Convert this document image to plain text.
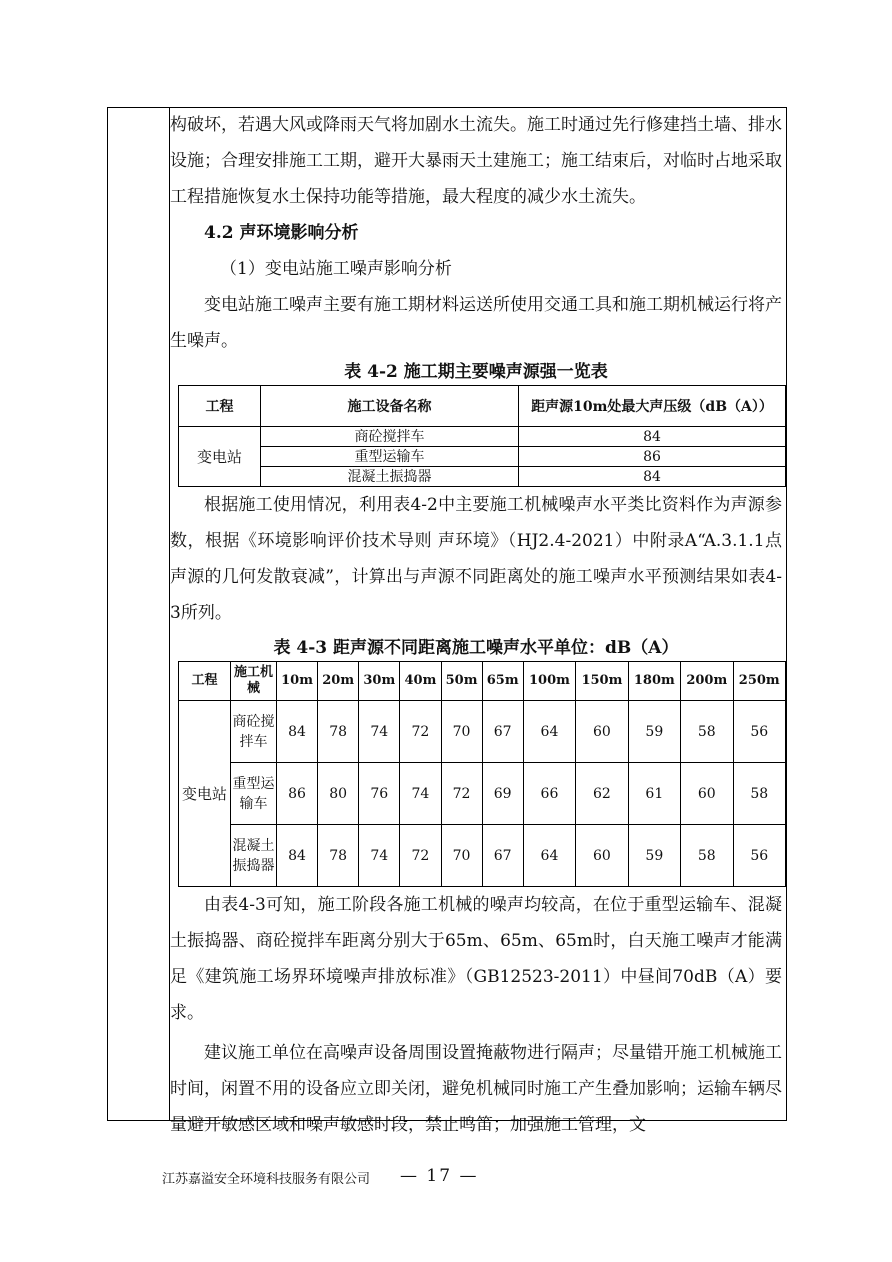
构破坏，若遇大风或降雨天气将加剧水土流失。施工时通过先行修建挡土墙、排水设施；合理安排施工工期，避开大暴雨天土建施工；施工结束后，对临时占地采取工程措施恢复水土保持功能等措施，最大程度的减少水土流失。

4.2 声环境影响分析

（1）变电站施工噪声影响分析

变电站施工噪声主要有施工期材料运送所使用交通工具和施工期机械运行将产生噪声。

表 4-2 施工期主要噪声源强一览表
工程	施工设备名称	距声源10m处最大声压级（dB（A））
变电站	商砼搅拌车	84
	重型运输车	86
	混凝土振捣器	84

根据施工使用情况，利用表4-2中主要施工机械噪声水平类比资料作为声源参数，根据《环境影响评价技术导则 声环境》（HJ2.4-2021）中附录A“A.3.1.1点声源的几何发散衰减”，计算出与声源不同距离处的施工噪声水平预测结果如表4-3所列。

表 4-3 距声源不同距离施工噪声水平单位：dB（A）
工程	施工机械	10m	20m	30m	40m	50m	65m	100m	150m	180m	200m	250m
变电站	商砼搅拌车	84	78	74	72	70	67	64	60	59	58	56
	重型运输车	86	80	76	74	72	69	66	62	61	60	58
	混凝土振捣器	84	78	74	72	70	67	64	60	59	58	56

由表4-3可知，施工阶段各施工机械的噪声均较高，在位于重型运输车、混凝土振捣器、商砼搅拌车距离分别大于65m、65m、65m时，白天施工噪声才能满足《建筑施工场界环境噪声排放标准》（GB12523-2011）中昼间70dB（A）要求。

建议施工单位在高噪声设备周围设置掩蔽物进行隔声；尽量错开施工机械施工时间，闲置不用的设备应立即关闭，避免机械同时施工产生叠加影响；运输车辆尽量避开敏感区域和噪声敏感时段，禁止鸣笛；加强施工管理，文

江苏嘉溢安全环境科技服务有限公司 — 17 —
